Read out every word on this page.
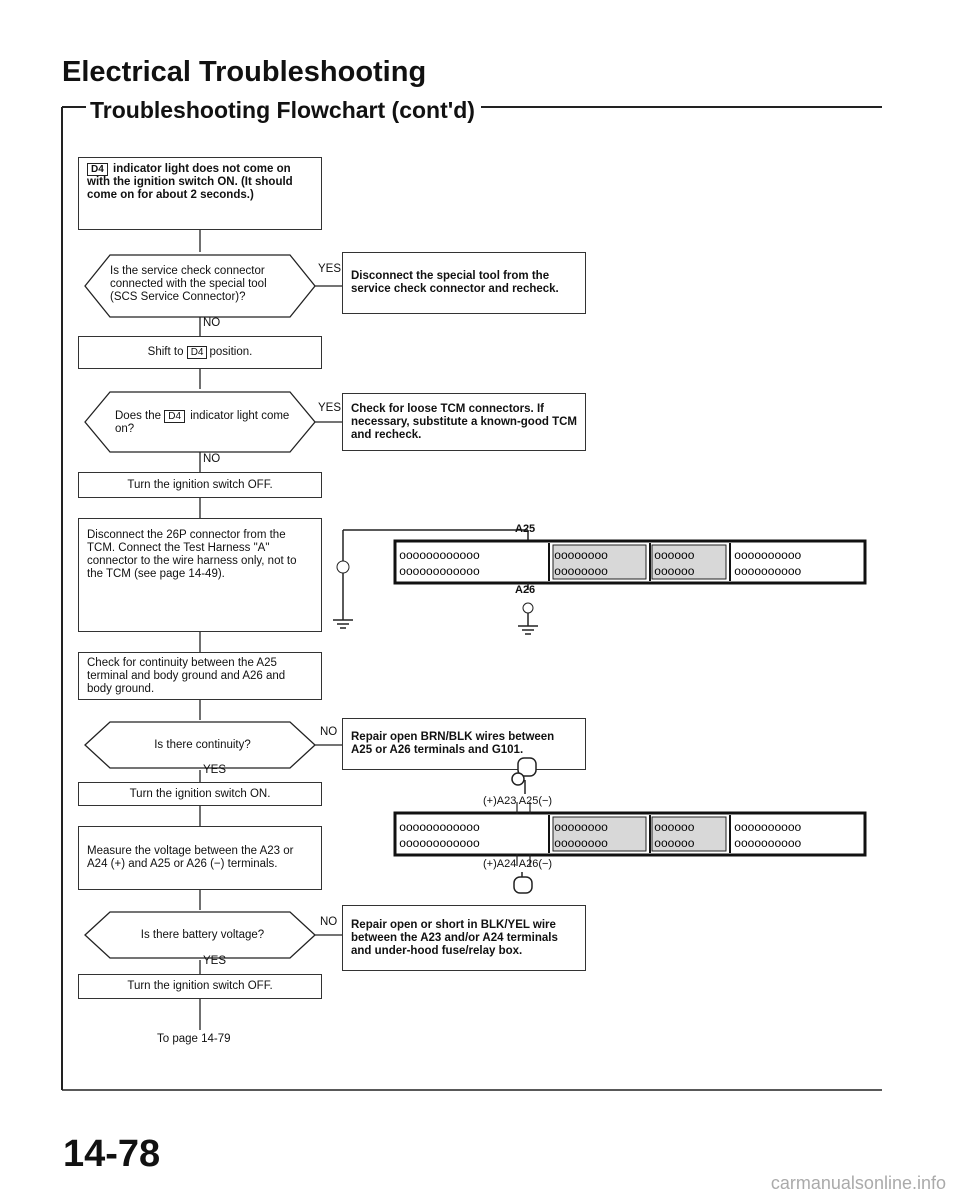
Electrical Troubleshooting
Troubleshooting Flowchart (cont'd)
D4 indicator light does not come on with the ignition switch ON. (It should come on for about 2 seconds.)
Is the service check connector connected with the special tool (SCS Service Connector)?
YES
Disconnect the special tool from the service check connector and recheck.
NO
Shift to
D4 position.
Does the D4 indicator light come on?
YES Check for loose TCM connectors. If necessary, substitute a known-good TCM and recheck.
NO
Turn the ignition switch OFF.
Disconnect the 26P connector from the TCM. Connect the Test Harness "A" connector to the wire harness only, not to the TCM (see page 14-49).
Check for continuity between the A25 terminal and body ground and A26 and body ground.
Is there continuity?
NO Repair open BRN/BLK wires between A25 or A26 terminals and G101.
YES
Turn the ignition switch ON.
Measure the voltage between the A23 or A24 (+) and A25 or A26 (−) terminals.
Is there battery voltage?
NO Repair open or short in BLK/YEL wire between the A23 and/or A24 terminals and under-hood fuse/relay box.
YES
Turn the ignition switch OFF.
To page 14-79
oooooooooooo
oooooooooooo
oooooooo
oooooooo
oooooo
oooooo
oooooooooo
oooooooooo
A25
A26
oooooooooooo
oooooooooooo
oooooooo
oooooooo
oooooo
oooooo
oooooooooo
oooooooooo
(+)A23 A25(−)
(+)A24 A26(−)
14-78
carmanualsonline.info
